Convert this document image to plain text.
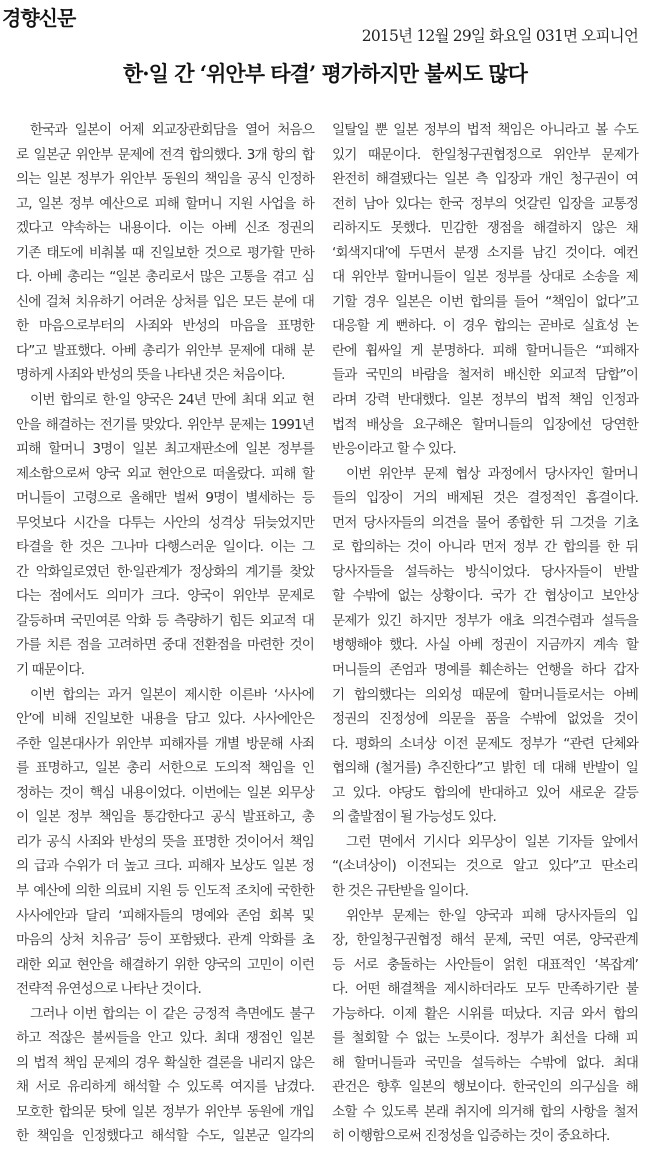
경향신문
2015년 12월 29일 화요일 031면 오피니언
한·일 간 ‘위안부 타결’ 평가하지만 불씨도 많다
한국과 일본이 어제 외교장관회담을 열어 처음으
로 일본군 위안부 문제에 전격 합의했다. 3개 항의 합
의는 일본 정부가 위안부 동원의 책임을 공식 인정하
고, 일본 정부 예산으로 피해 할머니 지원 사업을 하
겠다고 약속하는 내용이다. 이는 아베 신조 정권의
기존 태도에 비춰볼 때 진일보한 것으로 평가할 만하
다. 아베 총리는 “일본 총리로서 많은 고통을 겪고 심
신에 걸쳐 치유하기 어려운 상처를 입은 모든 분에 대
한 마음으로부터의 사죄와 반성의 마음을 표명한
다”고 발표했다. 아베 총리가 위안부 문제에 대해 분
명하게 사죄와 반성의 뜻을 나타낸 것은 처음이다.
이번 합의로 한·일 양국은 24년 만에 최대 외교 현
안을 해결하는 전기를 맞았다. 위안부 문제는 1991년
피해 할머니 3명이 일본 최고재판소에 일본 정부를
제소함으로써 양국 외교 현안으로 떠올랐다. 피해 할
머니들이 고령으로 올해만 벌써 9명이 별세하는 등
무엇보다 시간을 다투는 사안의 성격상 뒤늦었지만
타결을 한 것은 그나마 다행스러운 일이다. 이는 그
간 악화일로였던 한·일관계가 정상화의 계기를 찾았
다는 점에서도 의미가 크다. 양국이 위안부 문제로
갈등하며 국민여론 악화 등 측량하기 힘든 외교적 대
가를 치른 점을 고려하면 중대 전환점을 마련한 것이
기 때문이다.
이번 합의는 과거 일본이 제시한 이른바 ‘사사에
안’에 비해 진일보한 내용을 담고 있다. 사사에안은
주한 일본대사가 위안부 피해자를 개별 방문해 사죄
를 표명하고, 일본 총리 서한으로 도의적 책임을 인
정하는 것이 핵심 내용이었다. 이번에는 일본 외무상
이 일본 정부 책임을 통감한다고 공식 발표하고, 총
리가 공식 사죄와 반성의 뜻을 표명한 것이어서 책임
의 급과 수위가 더 높고 크다. 피해자 보상도 일본 정
부 예산에 의한 의료비 지원 등 인도적 조치에 국한한
사사에안과 달리 ‘피해자들의 명예와 존엄 회복 및
마음의 상처 치유금’ 등이 포함됐다. 관계 악화를 초
래한 외교 현안을 해결하기 위한 양국의 고민이 이런
전략적 유연성으로 나타난 것이다.
그러나 이번 합의는 이 같은 긍정적 측면에도 불구
하고 적잖은 불씨들을 안고 있다. 최대 쟁점인 일본
의 법적 책임 문제의 경우 확실한 결론을 내리지 않은
채 서로 유리하게 해석할 수 있도록 여지를 남겼다.
모호한 합의문 탓에 일본 정부가 위안부 동원에 개입
한 책임을 인정했다고 해석할 수도, 일본군 일각의
일탈일 뿐 일본 정부의 법적 책임은 아니라고 볼 수도
있기 때문이다. 한일청구권협정으로 위안부 문제가
완전히 해결됐다는 일본 측 입장과 개인 청구권이 여
전히 남아 있다는 한국 정부의 엇갈린 입장을 교통정
리하지도 못했다. 민감한 쟁점을 해결하지 않은 채
‘회색지대’에 두면서 분쟁 소지를 남긴 것이다. 예컨
대 위안부 할머니들이 일본 정부를 상대로 소송을 제
기할 경우 일본은 이번 합의를 들어 “책임이 없다”고
대응할 게 뻔하다. 이 경우 합의는 곧바로 실효성 논
란에 휩싸일 게 분명하다. 피해 할머니들은 “피해자
들과 국민의 바람을 철저히 배신한 외교적 담합”이
라며 강력 반대했다. 일본 정부의 법적 책임 인정과
법적 배상을 요구해온 할머니들의 입장에선 당연한
반응이라고 할 수 있다.
이번 위안부 문제 협상 과정에서 당사자인 할머니
들의 입장이 거의 배제된 것은 결정적인 흠결이다.
먼저 당사자들의 의견을 물어 종합한 뒤 그것을 기초
로 합의하는 것이 아니라 먼저 정부 간 합의를 한 뒤
당사자들을 설득하는 방식이었다. 당사자들이 반발
할 수밖에 없는 상황이다. 국가 간 협상이고 보안상
문제가 있긴 하지만 정부가 애초 의견수렴과 설득을
병행해야 했다. 사실 아베 정권이 지금까지 계속 할
머니들의 존엄과 명예를 훼손하는 언행을 하다 갑자
기 합의했다는 의외성 때문에 할머니들로서는 아베
정권의 진정성에 의문을 품을 수밖에 없었을 것이
다. 평화의 소녀상 이전 문제도 정부가 “관련 단체와
협의해 (철거를) 추진한다”고 밝힌 데 대해 반발이 일
고 있다. 야당도 합의에 반대하고 있어 새로운 갈등
의 출발점이 될 가능성도 있다.
그런 면에서 기시다 외무상이 일본 기자들 앞에서
“(소녀상이) 이전되는 것으로 알고 있다”고 딴소리
한 것은 규탄받을 일이다.
위안부 문제는 한·일 양국과 피해 당사자들의 입
장, 한일청구권협정 해석 문제, 국민 여론, 양국관계
등 서로 충돌하는 사안들이 얽힌 대표적인 ‘복잡계’
다. 어떤 해결책을 제시하더라도 모두 만족하기란 불
가능하다. 이제 활은 시위를 떠났다. 지금 와서 합의
를 철회할 수 없는 노릇이다. 정부가 최선을 다해 피
해 할머니들과 국민을 설득하는 수밖에 없다. 최대
관건은 향후 일본의 행보이다. 한국인의 의구심을 해
소할 수 있도록 본래 취지에 의거해 합의 사항을 철저
히 이행함으로써 진정성을 입증하는 것이 중요하다.
